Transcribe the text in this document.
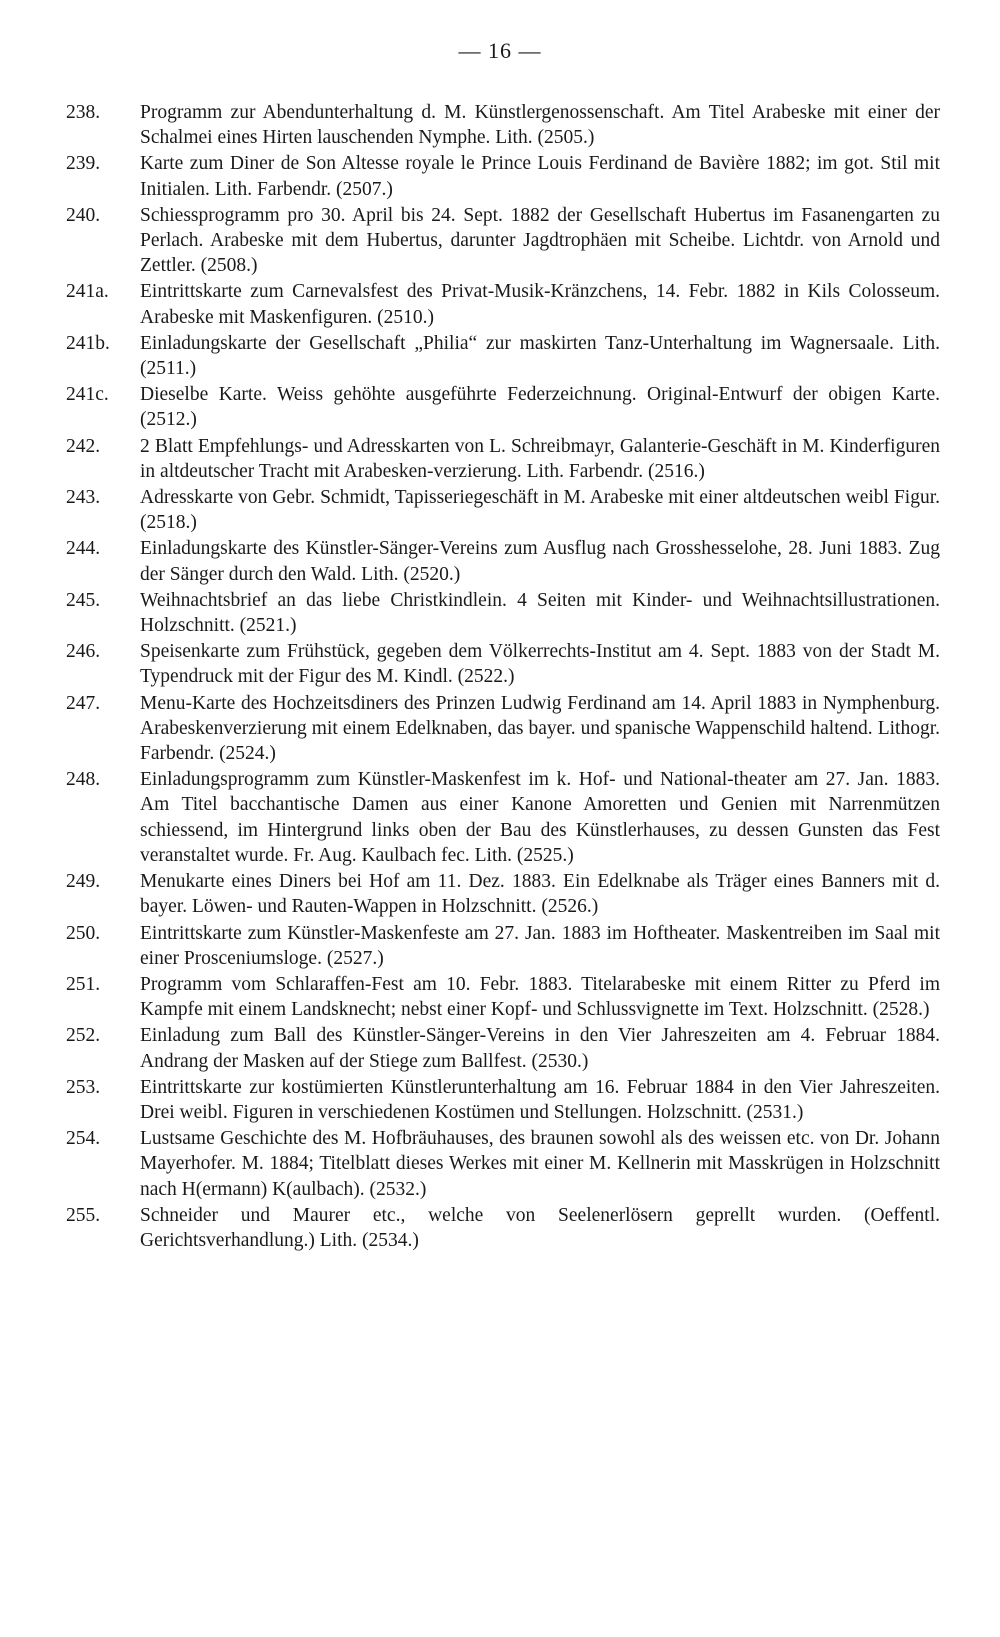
— 16 —
238.	Programm zur Abendunterhaltung d. M. Künstlergenossenschaft. Am Titel Arabeske mit einer der Schalmei eines Hirten lauschenden Nymphe. Lith. (2505.)
239.	Karte zum Diner de Son Altesse royale le Prince Louis Ferdinand de Bavière 1882; im got. Stil mit Initialen. Lith. Farbendr. (2507.)
240.	Schiessprogramm pro 30. April bis 24. Sept. 1882 der Gesellschaft Hubertus im Fasanengarten zu Perlach. Arabeske mit dem Hubertus, darunter Jagdtrophäen mit Scheibe. Lichtdr. von Arnold und Zettler. (2508.)
241a.	Eintrittskarte zum Carnevalsfest des Privat-Musik-Kränzchens, 14. Febr. 1882 in Kils Colosseum. Arabeske mit Maskenfiguren. (2510.)
241b.	Einladungskarte der Gesellschaft „Philia“ zur maskirten Tanz-Unterhaltung im Wagnersaale. Lith. (2511.)
241c.	Dieselbe Karte. Weiss gehöhte ausgeführte Federzeichnung. Original-Entwurf der obigen Karte. (2512.)
242.	2 Blatt Empfehlungs- und Adresskarten von L. Schreibmayr, Galanterie-Geschäft in M. Kinderfiguren in altdeutscher Tracht mit Arabesken-verzierung. Lith. Farbendr. (2516.)
243.	Adresskarte von Gebr. Schmidt, Tapisseriegeschäft in M. Arabeske mit einer altdeutschen weibl Figur. (2518.)
244.	Einladungskarte des Künstler-Sänger-Vereins zum Ausflug nach Grosshesselohe, 28. Juni 1883. Zug der Sänger durch den Wald. Lith. (2520.)
245.	Weihnachtsbrief an das liebe Christkindlein. 4 Seiten mit Kinder- und Weihnachtsillustrationen. Holzschnitt. (2521.)
246.	Speisenkarte zum Frühstück, gegeben dem Völkerrechts-Institut am 4. Sept. 1883 von der Stadt M. Typendruck mit der Figur des M. Kindl. (2522.)
247.	Menu-Karte des Hochzeitsdiners des Prinzen Ludwig Ferdinand am 14. April 1883 in Nymphenburg. Arabeskenverzierung mit einem Edelknaben, das bayer. und spanische Wappenschild haltend. Lithogr. Farbendr. (2524.)
248.	Einladungsprogramm zum Künstler-Maskenfest im k. Hof- und National-theater am 27. Jan. 1883. Am Titel bacchantische Damen aus einer Kanone Amoretten und Genien mit Narrenmützen schiessend, im Hintergrund links oben der Bau des Künstlerhauses, zu dessen Gunsten das Fest veranstaltet wurde. Fr. Aug. Kaulbach fec. Lith. (2525.)
249.	Menukarte eines Diners bei Hof am 11. Dez. 1883. Ein Edelknabe als Träger eines Banners mit d. bayer. Löwen- und Rauten-Wappen in Holzschnitt. (2526.)
250.	Eintrittskarte zum Künstler-Maskenfeste am 27. Jan. 1883 im Hoftheater. Maskentreiben im Saal mit einer Prosceniumsloge. (2527.)
251.	Programm vom Schlaraffen-Fest am 10. Febr. 1883. Titelarabeske mit einem Ritter zu Pferd im Kampfe mit einem Landsknecht; nebst einer Kopf- und Schlussvignette im Text. Holzschnitt. (2528.)
252.	Einladung zum Ball des Künstler-Sänger-Vereins in den Vier Jahreszeiten am 4. Februar 1884. Andrang der Masken auf der Stiege zum Ballfest. (2530.)
253.	Eintrittskarte zur kostümierten Künstlerunterhaltung am 16. Februar 1884 in den Vier Jahreszeiten. Drei weibl. Figuren in verschiedenen Kostümen und Stellungen. Holzschnitt. (2531.)
254.	Lustsame Geschichte des M. Hofbräuhauses, des braunen sowohl als des weissen etc. von Dr. Johann Mayerhofer. M. 1884; Titelblatt dieses Werkes mit einer M. Kellnerin mit Masskrügen in Holzschnitt nach H(ermann) K(aulbach). (2532.)
255.	Schneider und Maurer etc., welche von Seelenerlösern geprellt wurden. (Oeffentl. Gerichtsverhandlung.) Lith. (2534.)
